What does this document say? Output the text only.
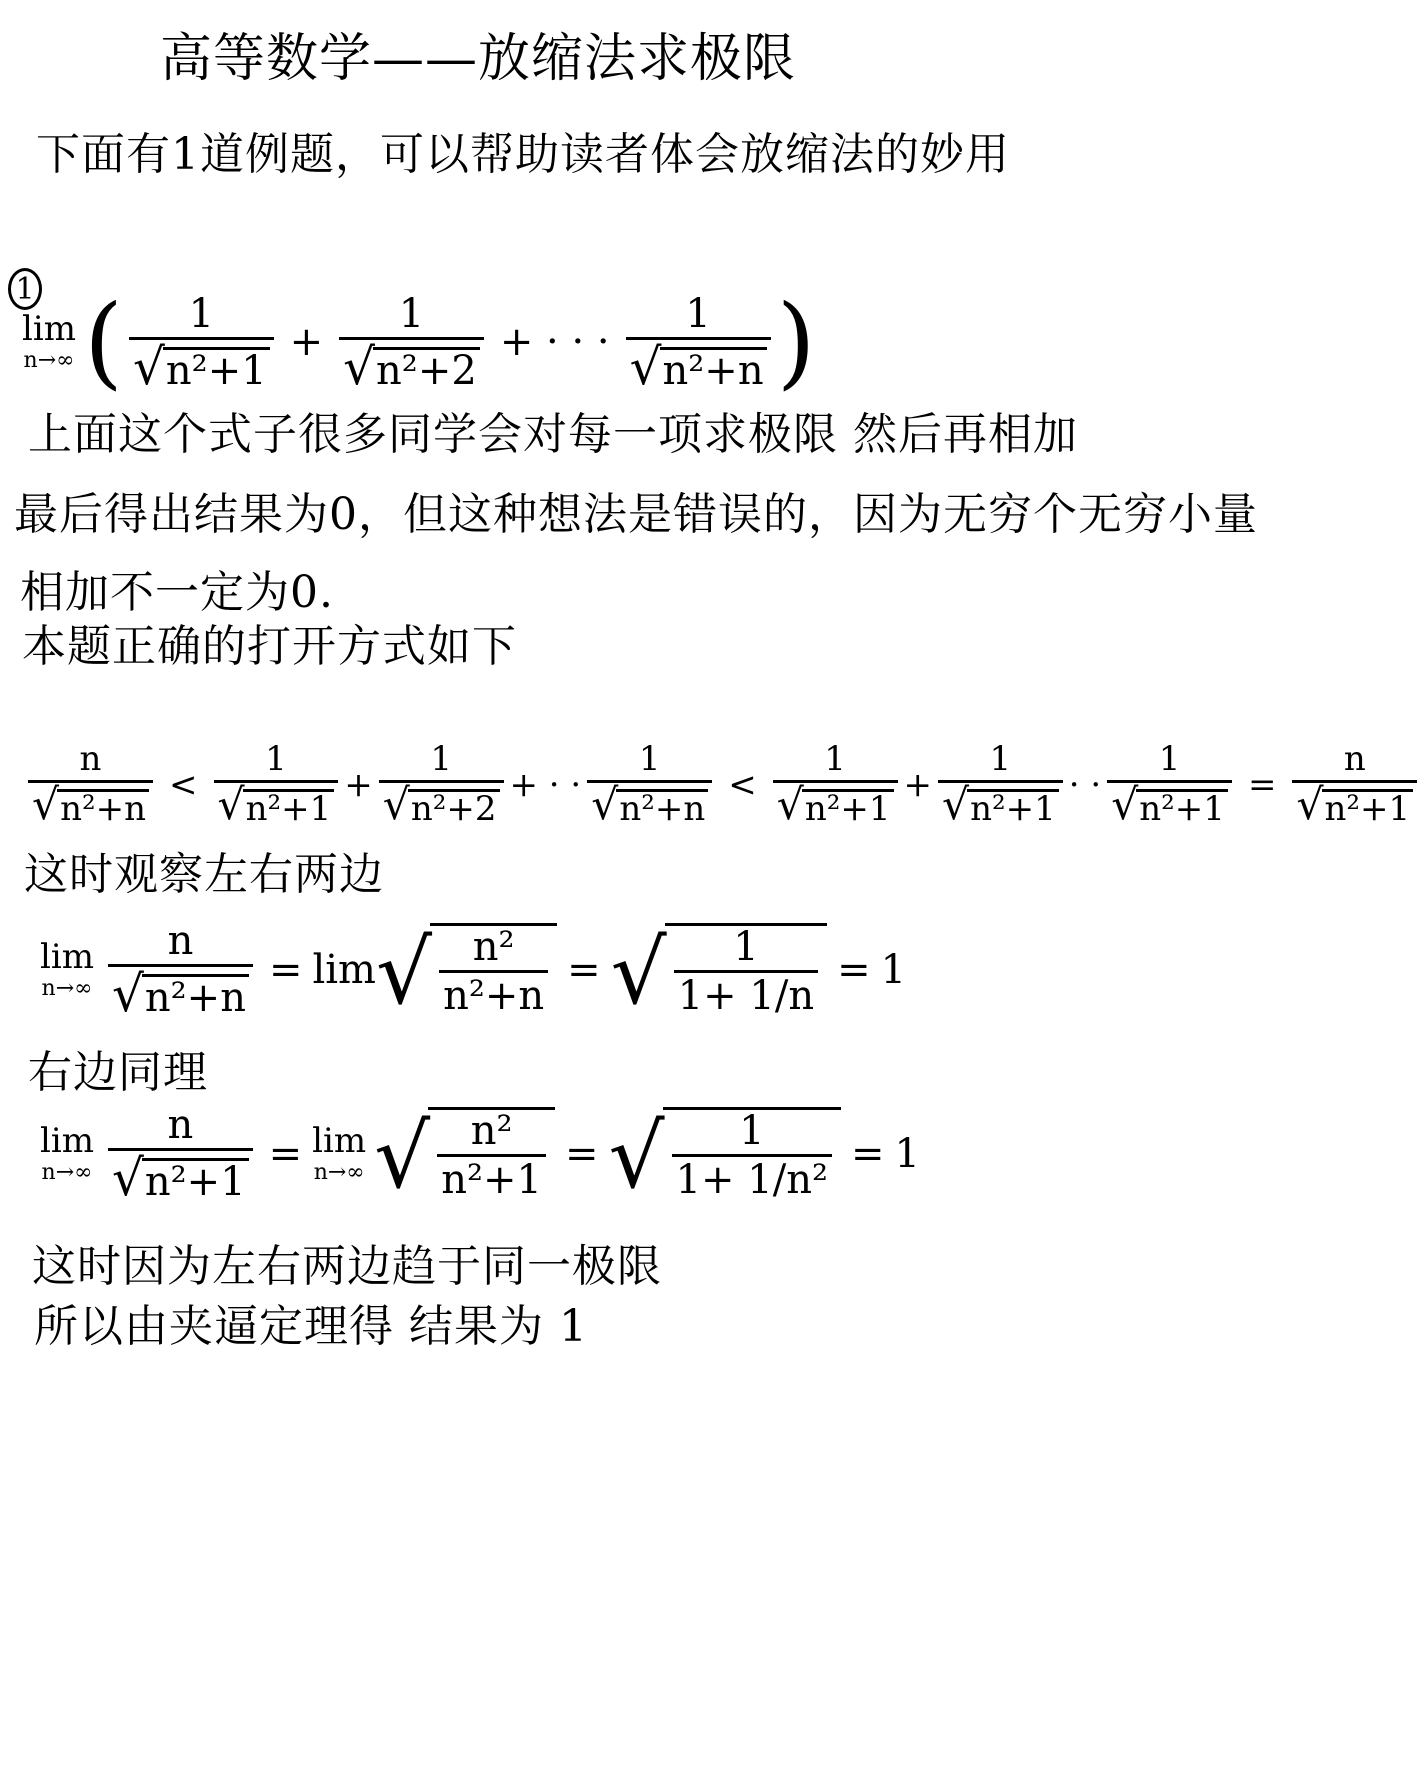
高等数学——放缩法求极限
下面有1道例题，可以帮助读者体会放缩法的妙用
1
lim
n→∞ ( $\frac{1}{\text{√ n²+1}} + \frac{1}{\text{√ n²+2}}$ + · · · $\frac{1}{\text{√ n²+n}}$ )
上面这个式子很多同学会对每一项求极限 然后再相加
最后得出结果为0，但这种想法是错误的，因为无穷个无穷小量
相加不一定为0.
本题正确的打开方式如下
$\frac{n}{\text{√ n²+n}} < \frac{1}{\text{√ n²+1}} + \frac{1}{\text{√ n²+2}}$ + · · $\frac{1}{\text{√ n²+n}} < \frac{1}{\text{√ n²+1}} + \frac{1}{\text{√ n²+1}}$ · · $\frac{1}{\text{√ n²+1}} = \frac{n}{\text{√ n²+1}}$
这时观察左右两边
lim
$n\to\infty \frac{n}{\text{√ n²+n}} = \lim$ √ $\frac{\text{n²}}{\text{n²+n}}$ = √ $\frac{1}{1+ 1/n} = 1$
右边同理
lim
$n\to\infty \frac{n}{\text{√ n²+1}} = \lim$
n→∞ √ $\frac{\text{n²}}{\text{n²+1}}$ = √ $\frac{1}{\text{1+ 1/n²}} = 1$
这时因为左右两边趋于同一极限
所以由夹逼定理得 结果为 1
